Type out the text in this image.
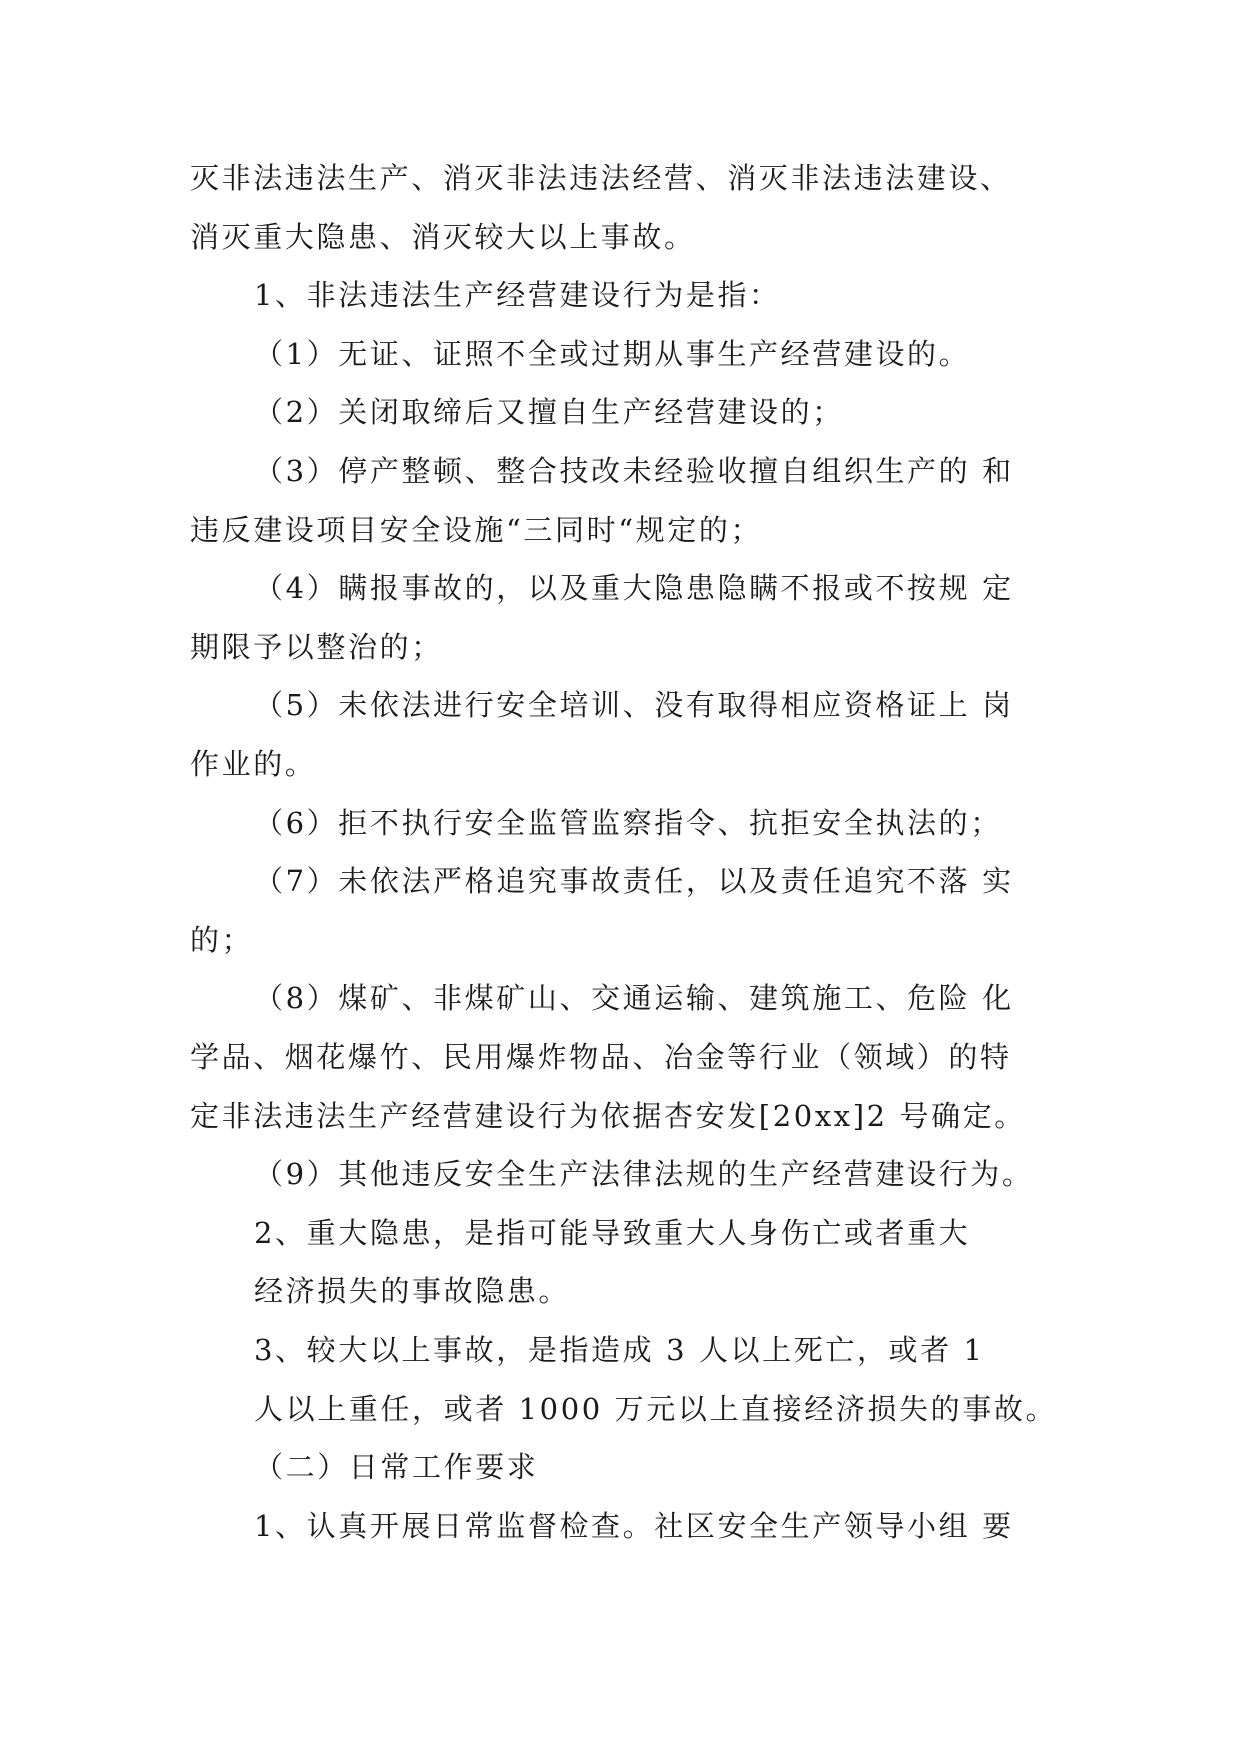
灭非法违法生产、消灭非法违法经营、消灭非法违法建设、
消灭重大隐患、消灭较大以上事故。
1、非法违法生产经营建设行为是指：
（1）无证、证照不全或过期从事生产经营建设的。
（2）关闭取缔后又擅自生产经营建设的；
（3）停产整顿、整合技改未经验收擅自组织生产的 和
违反建设项目安全设施“三同时“规定的；
（4）瞒报事故的，以及重大隐患隐瞒不报或不按规 定
期限予以整治的；
（5）未依法进行安全培训、没有取得相应资格证上 岗
作业的。
（6）拒不执行安全监管监察指令、抗拒安全执法的；
（7）未依法严格追究事故责任，以及责任追究不落 实
的；
（8）煤矿、非煤矿山、交通运输、建筑施工、危险 化
学品、烟花爆竹、民用爆炸物品、冶金等行业（领域）的特
定非法违法生产经营建设行为依据杏安发[20xx]2 号确定。
（9）其他违反安全生产法律法规的生产经营建设行为。
2、重大隐患，是指可能导致重大人身伤亡或者重大
经济损失的事故隐患。
3、较大以上事故，是指造成 3 人以上死亡，或者 1
人以上重任，或者 1000 万元以上直接经济损失的事故。
（二）日常工作要求
1、认真开展日常监督检查。社区安全生产领导小组 要
